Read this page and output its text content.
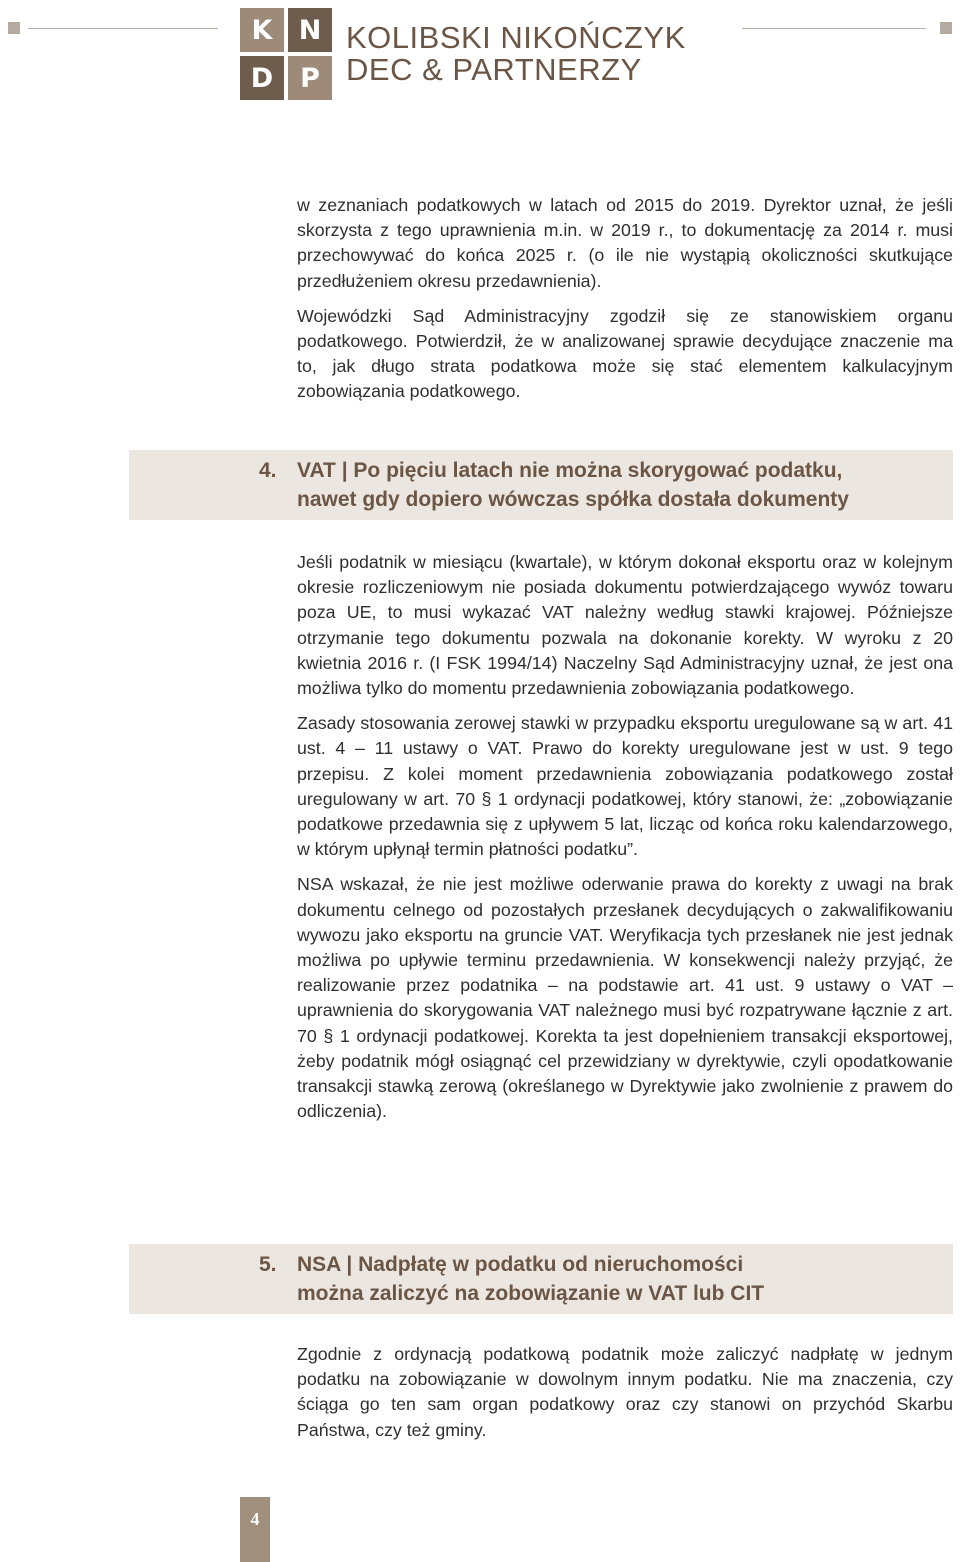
K N
D P
KOLIBSKI NIKOŃCZYK
DEC & PARTNERZY

w zeznaniach podatkowych w latach od 2015 do 2019. Dyrektor uznał, że jeśli skorzysta z tego uprawnienia m.in. w 2019 r., to dokumentację za 2014 r. musi przechowywać do końca 2025 r. (o ile nie wystąpią okoliczności skutkujące przedłużeniem okresu przedawnienia).

Wojewódzki Sąd Administracyjny zgodził się ze stanowiskiem organu podatkowego. Potwierdził, że w analizowanej sprawie decydujące znaczenie ma to, jak długo strata podatkowa może się stać elementem kalkulacyjnym zobowiązania podatkowego.

4. VAT | Po pięciu latach nie można skorygować podatku,
nawet gdy dopiero wówczas spółka dostała dokumenty

Jeśli podatnik w miesiącu (kwartale), w którym dokonał eksportu oraz w kolejnym okresie rozliczeniowym nie posiada dokumentu potwierdzającego wywóz towaru poza UE, to musi wykazać VAT należny według stawki krajowej. Późniejsze otrzymanie tego dokumentu pozwala na dokonanie korekty. W wyroku z 20 kwietnia 2016 r. (I FSK 1994/14) Naczelny Sąd Administracyjny uznał, że jest ona możliwa tylko do momentu przedawnienia zobowiązania podatkowego.

Zasady stosowania zerowej stawki w przypadku eksportu uregulowane są w art. 41 ust. 4 – 11 ustawy o VAT. Prawo do korekty uregulowane jest w ust. 9 tego przepisu. Z kolei moment przedawnienia zobowiązania podatkowego został uregulowany w art. 70 § 1 ordynacji podatkowej, który stanowi, że: „zobowiązanie podatkowe przedawnia się z upływem 5 lat, licząc od końca roku kalendarzowego, w którym upłynął termin płatności podatku”.

NSA wskazał, że nie jest możliwe oderwanie prawa do korekty z uwagi na brak dokumentu celnego od pozostałych przesłanek decydujących o zakwalifikowaniu wywozu jako eksportu na gruncie VAT. Weryfikacja tych przesłanek nie jest jednak możliwa po upływie terminu przedawnienia. W konsekwencji należy przyjąć, że realizowanie przez podatnika – na podstawie art. 41 ust. 9 ustawy o VAT – uprawnienia do skorygowania VAT należnego musi być rozpatrywane łącznie z art. 70 § 1 ordynacji podatkowej. Korekta ta jest dopełnieniem transakcji eksportowej, żeby podatnik mógł osiągnąć cel przewidziany w dyrektywie, czyli opodatkowanie transakcji stawką zerową (określanego w Dyrektywie jako zwolnienie z prawem do odliczenia).

5. NSA | Nadpłatę w podatku od nieruchomości
można zaliczyć na zobowiązanie w VAT lub CIT

Zgodnie z ordynacją podatkową podatnik może zaliczyć nadpłatę w jednym podatku na zobowiązanie w dowolnym innym podatku. Nie ma znaczenia, czy ściąga go ten sam organ podatkowy oraz czy stanowi on przychód Skarbu Państwa, czy też gminy.

4
